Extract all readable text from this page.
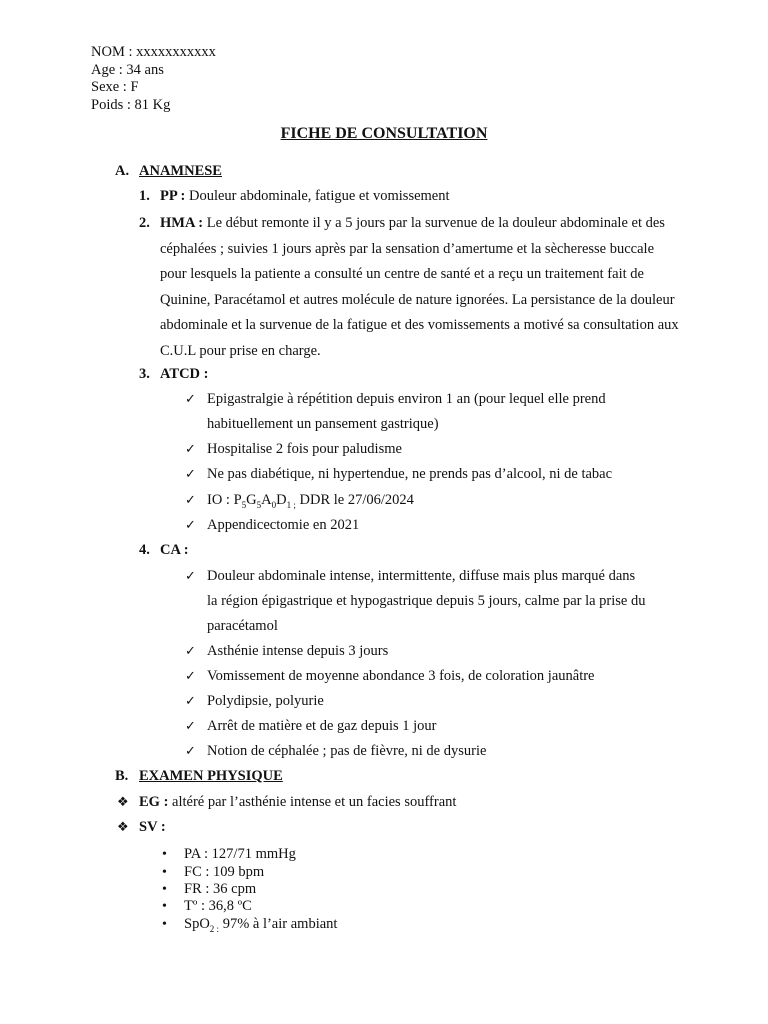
NOM : xxxxxxxxxxx
Age : 34 ans
Sexe : F
Poids : 81 Kg
FICHE DE CONSULTATION
A. ANAMNESE
1. PP : Douleur abdominale, fatigue et vomissement
2. HMA : Le début remonte il y a 5 jours par la survenue de la douleur abdominale et des céphalées ; suivies 1 jours après par la sensation d’amertume et la sècheresse buccale pour lesquels la patiente a consulté un centre de santé et a reçu un traitement fait de Quinine, Paracétamol et autres molécule de nature ignorées. La persistance de la douleur abdominale et la survenue de la fatigue et des vomissements a motivé sa consultation aux C.U.L pour prise en charge.
3. ATCD :
✓ Epigastralgie à répétition depuis environ 1 an (pour lequel elle prend
habituellement un pansement gastrique)
✓ Hospitalise 2 fois pour paludisme
✓ Ne pas diabétique, ni hypertendue, ne prends pas d’alcool, ni de tabac
✓ IO : $P_5G_5A_0D_{1 ;}$ DDR le 27/06/2024
✓ Appendicectomie en 2021
4. CA :
✓ Douleur abdominale intense, intermittente, diffuse mais plus marqué dans
la région épigastrique et hypogastrique depuis 5 jours, calme par la prise du
paracétamol
✓ Asthénie intense depuis 3 jours
✓ Vomissement de moyenne abondance 3 fois, de coloration jaunâtre
✓ Polydipsie, polyurie
✓ Arrêt de matière et de gaz depuis 1 jour
✓ Notion de céphalée ; pas de fièvre, ni de dysurie
B. EXAMEN PHYSIQUE
❖ EG : altéré par l’asthénie intense et un facies souffrant
❖ SV :
• PA : 127/71 mmHg
• FC : 109 bpm
• FR : 36 cpm
• Tº : 36,8 ºC
• SpO$_{2 :}$ 97% à l’air ambiant
